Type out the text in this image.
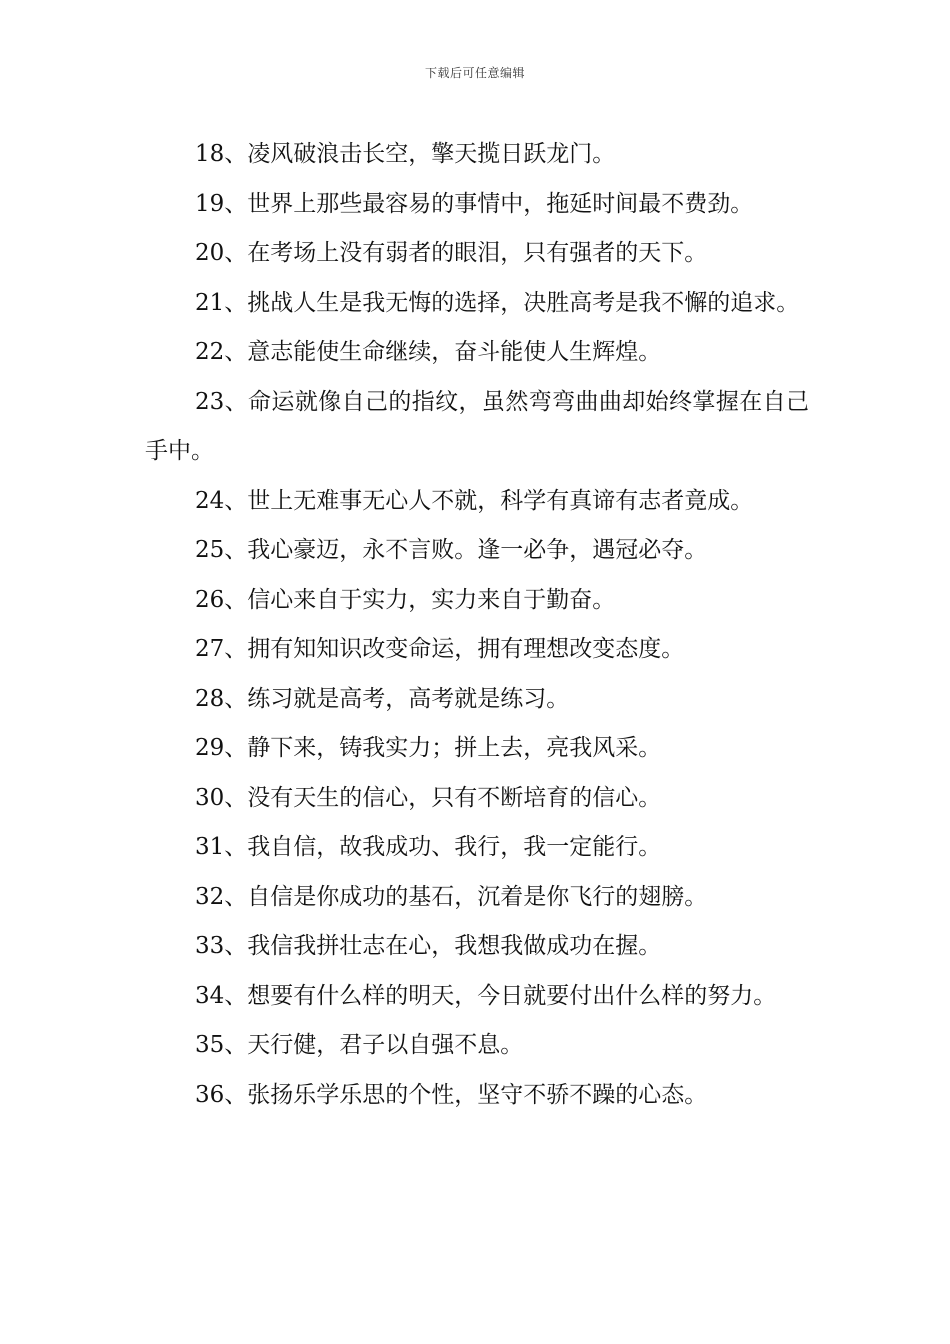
下载后可任意编辑

18、凌风破浪击长空，擎天揽日跃龙门。

19、世界上那些最容易的事情中，拖延时间最不费劲。

20、在考场上没有弱者的眼泪，只有强者的天下。

21、挑战人生是我无悔的选择，决胜高考是我不懈的追求。

22、意志能使生命继续，奋斗能使人生辉煌。

23、命运就像自己的指纹，虽然弯弯曲曲却始终掌握在自己手中。

24、世上无难事无心人不就，科学有真谛有志者竟成。

25、我心豪迈，永不言败。逢一必争，遇冠必夺。

26、信心来自于实力，实力来自于勤奋。

27、拥有知知识改变命运，拥有理想改变态度。

28、练习就是高考，高考就是练习。

29、静下来，铸我实力；拼上去，亮我风采。

30、没有天生的信心，只有不断培育的信心。

31、我自信，故我成功、我行，我一定能行。

32、自信是你成功的基石，沉着是你飞行的翅膀。

33、我信我拼壮志在心，我想我做成功在握。

34、想要有什么样的明天，今日就要付出什么样的努力。

35、天行健，君子以自强不息。

36、张扬乐学乐思的个性，坚守不骄不躁的心态。
